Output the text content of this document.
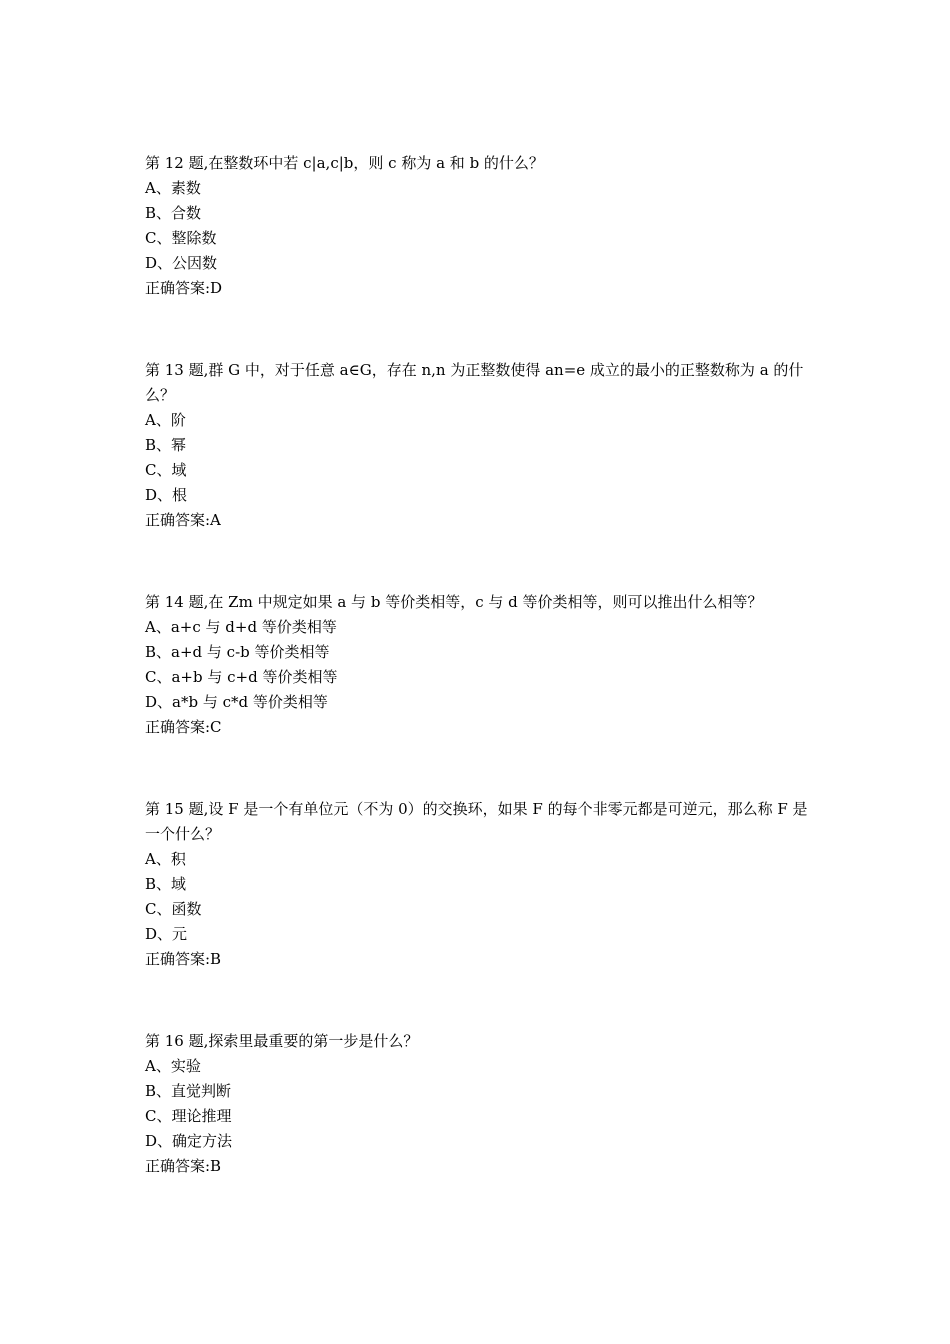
第 12 题,在整数环中若 c|a,c|b，则 c 称为 a 和 b 的什么？
A、素数
B、合数
C、整除数
D、公因数
正确答案:D
第 13 题,群 G 中，对于任意 a∈G，存在 n,n 为正整数使得 an=e 成立的最小的正整数称为 a 的什么？
A、阶
B、幂
C、域
D、根
正确答案:A
第 14 题,在 Zm 中规定如果 a 与 b 等价类相等，c 与 d 等价类相等，则可以推出什么相等？
A、a+c 与 d+d 等价类相等
B、a+d 与 c-b 等价类相等
C、a+b 与 c+d 等价类相等
D、a*b 与 c*d 等价类相等
正确答案:C
第 15 题,设 F 是一个有单位元（不为 0）的交换环，如果 F 的每个非零元都是可逆元，那么称 F 是一个什么？
A、积
B、域
C、函数
D、元
正确答案:B
第 16 题,探索里最重要的第一步是什么？
A、实验
B、直觉判断
C、理论推理
D、确定方法
正确答案:B
